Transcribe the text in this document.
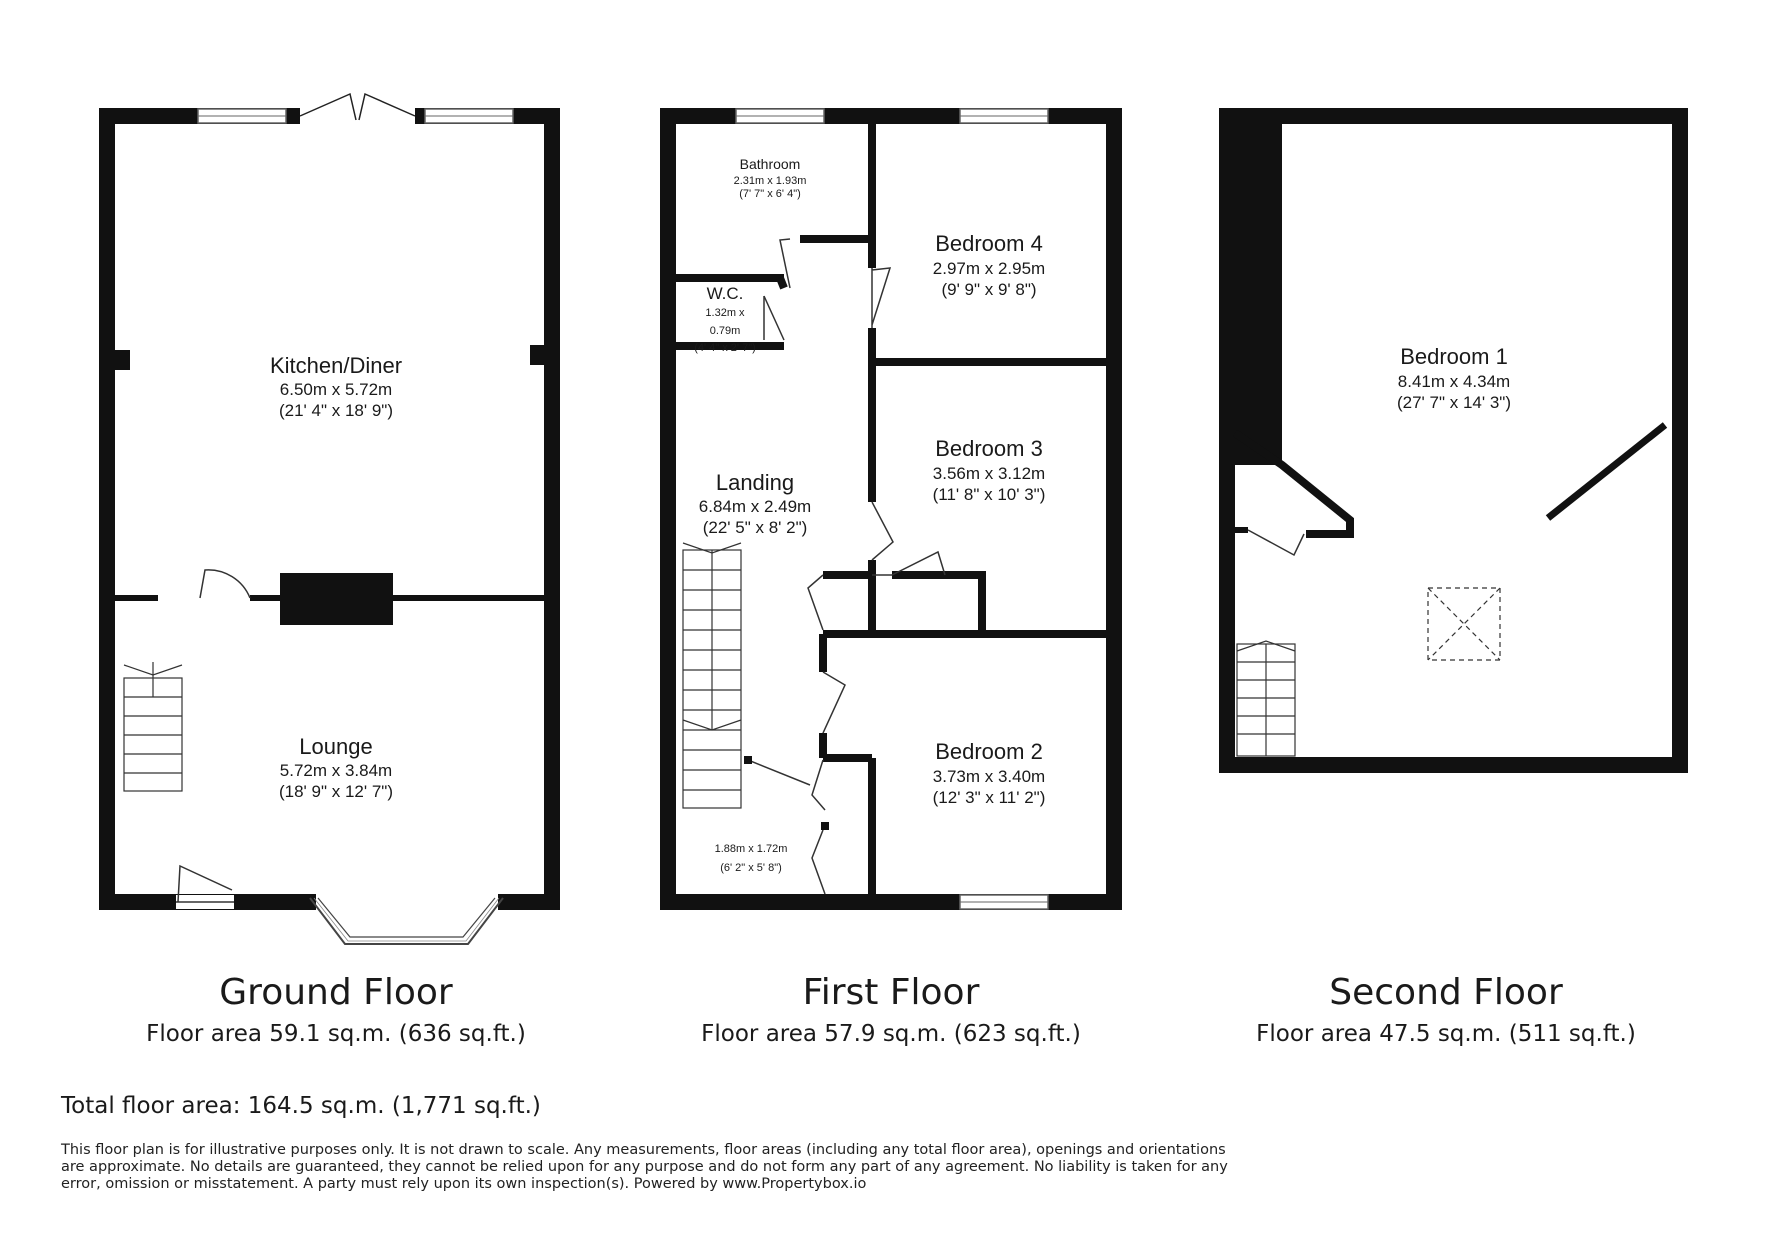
Kitchen/Diner
6.50m x 5.72m
(21' 4" x 18' 9")
Lounge
5.72m x 3.84m
(18' 9" x 12' 7")
Bathroom
2.31m x 1.93m
(7' 7" x 6' 4")
Bedroom 4
2.97m x 2.95m
(9' 9" x 9' 8")
W.C.
1.32m x
0.79m
(4' 4" x 2' 7")
Landing
6.84m x 2.49m
(22' 5" x 8' 2")
Bedroom 3
3.56m x 3.12m
(11' 8" x 10' 3")
Bedroom 2
3.73m x 3.40m
(12' 3" x 11' 2")
1.88m x 1.72m
(6' 2" x 5' 8")
Bedroom 1
8.41m x 4.34m
(27' 7" x 14' 3")
Ground Floor
Floor area 59.1 sq.m. (636 sq.ft.)
First Floor
Floor area 57.9 sq.m. (623 sq.ft.)
Second Floor
Floor area 47.5 sq.m. (511 sq.ft.)
Total floor area: 164.5 sq.m. (1,771 sq.ft.)
This floor plan is for illustrative purposes only. It is not drawn to scale. Any measurements, floor areas (including any total floor area), openings and orientations are approximate. No details are guaranteed, they cannot be relied upon for any purpose and do not form any part of any agreement. No liability is taken for any error, omission or misstatement. A party must rely upon its own inspection(s). Powered by www.Propertybox.io
